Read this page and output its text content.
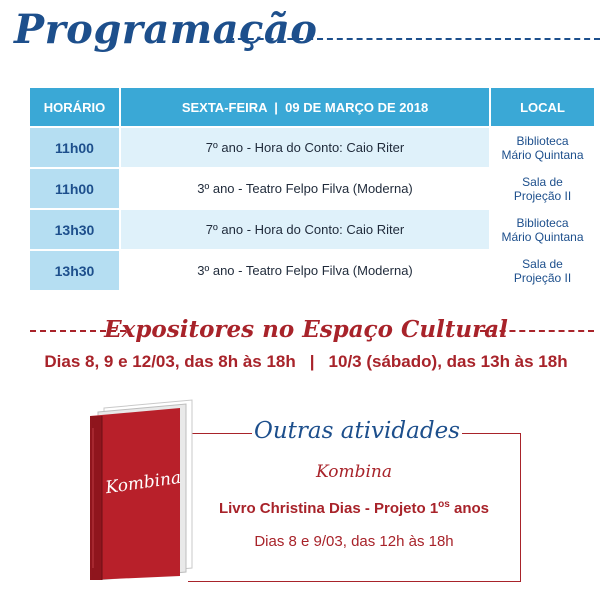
Programação
HORÁRIO	SEXTA-FEIRA  |  09 DE MARÇO DE 2018	LOCAL
11h00	7º ano - Hora do Conto: Caio Riter	Biblioteca
Mário Quintana

11h00	3º ano - Teatro Felpo Filva (Moderna)	Sala de
Projeção II

13h30	7º ano - Hora do Conto: Caio Riter	Biblioteca
Mário Quintana

13h30	3º ano - Teatro Felpo Filva (Moderna)	Sala de
Projeção II
Expositores no Espaço Cultural
Dias 8, 9 e 12/03, das 8h às 18h | 10/3 (sábado), das 13h às 18h
Outras atividades
Kombina	Kombina
Livro Christina Dias - Projeto $1^{os}$ anos
Dias 8 e 9/03, das 12h às 18h
